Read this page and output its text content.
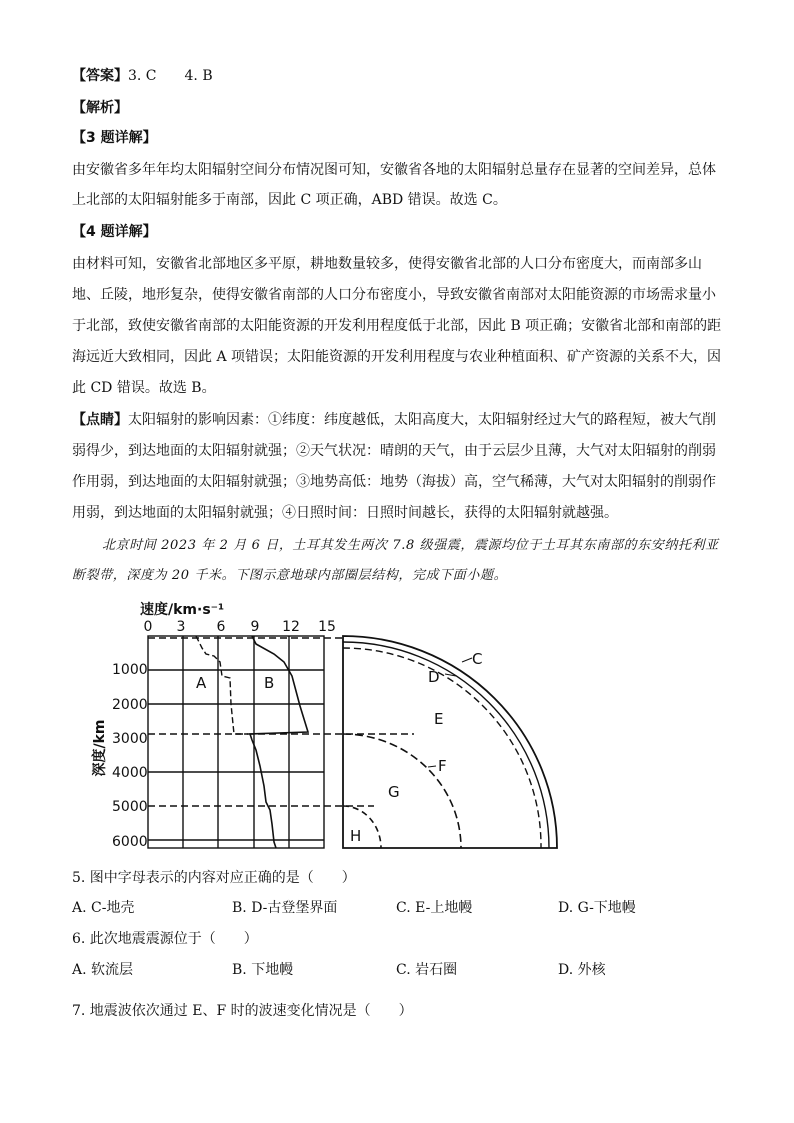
【答案】3. C　　4. B
【解析】
【3 题详解】
由安徽省多年年均太阳辐射空间分布情况图可知，安徽省各地的太阳辐射总量存在显著的空间差异，总体
上北部的太阳辐射能多于南部，因此 C 项正确，ABD 错误。故选 C。
【4 题详解】
由材料可知，安徽省北部地区多平原，耕地数量较多，使得安徽省北部的人口分布密度大，而南部多山
地、丘陵，地形复杂，使得安徽省南部的人口分布密度小，导致安徽省南部对太阳能资源的市场需求量小
于北部，致使安徽省南部的太阳能资源的开发利用程度低于北部，因此 B 项正确；安徽省北部和南部的距
海远近大致相同，因此 A 项错误；太阳能资源的开发利用程度与农业种植面积、矿产资源的关系不大，因
此 CD 错误。故选 B。
【点睛】太阳辐射的影响因素：①纬度：纬度越低，太阳高度大，太阳辐射经过大气的路程短，被大气削
弱得少，到达地面的太阳辐射就强；②天气状况：晴朗的天气，由于云层少且薄，大气对太阳辐射的削弱
作用弱，到达地面的太阳辐射就强；③地势高低：地势（海拔）高，空气稀薄，大气对太阳辐射的削弱作
用弱，到达地面的太阳辐射就强；④日照时间：日照时间越长，获得的太阳辐射就越强。
北京时间 2023 年 2 月 6 日，土耳其发生两次 7.8 级强震，震源均位于土耳其东南部的东安纳托利亚
断裂带，深度为 20 千米。下图示意地球内部圈层结构，完成下面小题。
速度/km·s⁻¹
0 3 6 9 12 15
深度/km
1000
2000
3000
4000
5000
6000
A	B
C
D
E
F
G
H
5. 图中字母表示的内容对应正确的是（　　）
A. C-地壳	B. D-古登堡界面	C. E-上地幔	D. G-下地幔
6. 此次地震震源位于（　　）
A. 软流层	B. 下地幔	C. 岩石圈	D. 外核
7. 地震波依次通过 E、F 时的波速变化情况是（　　）
